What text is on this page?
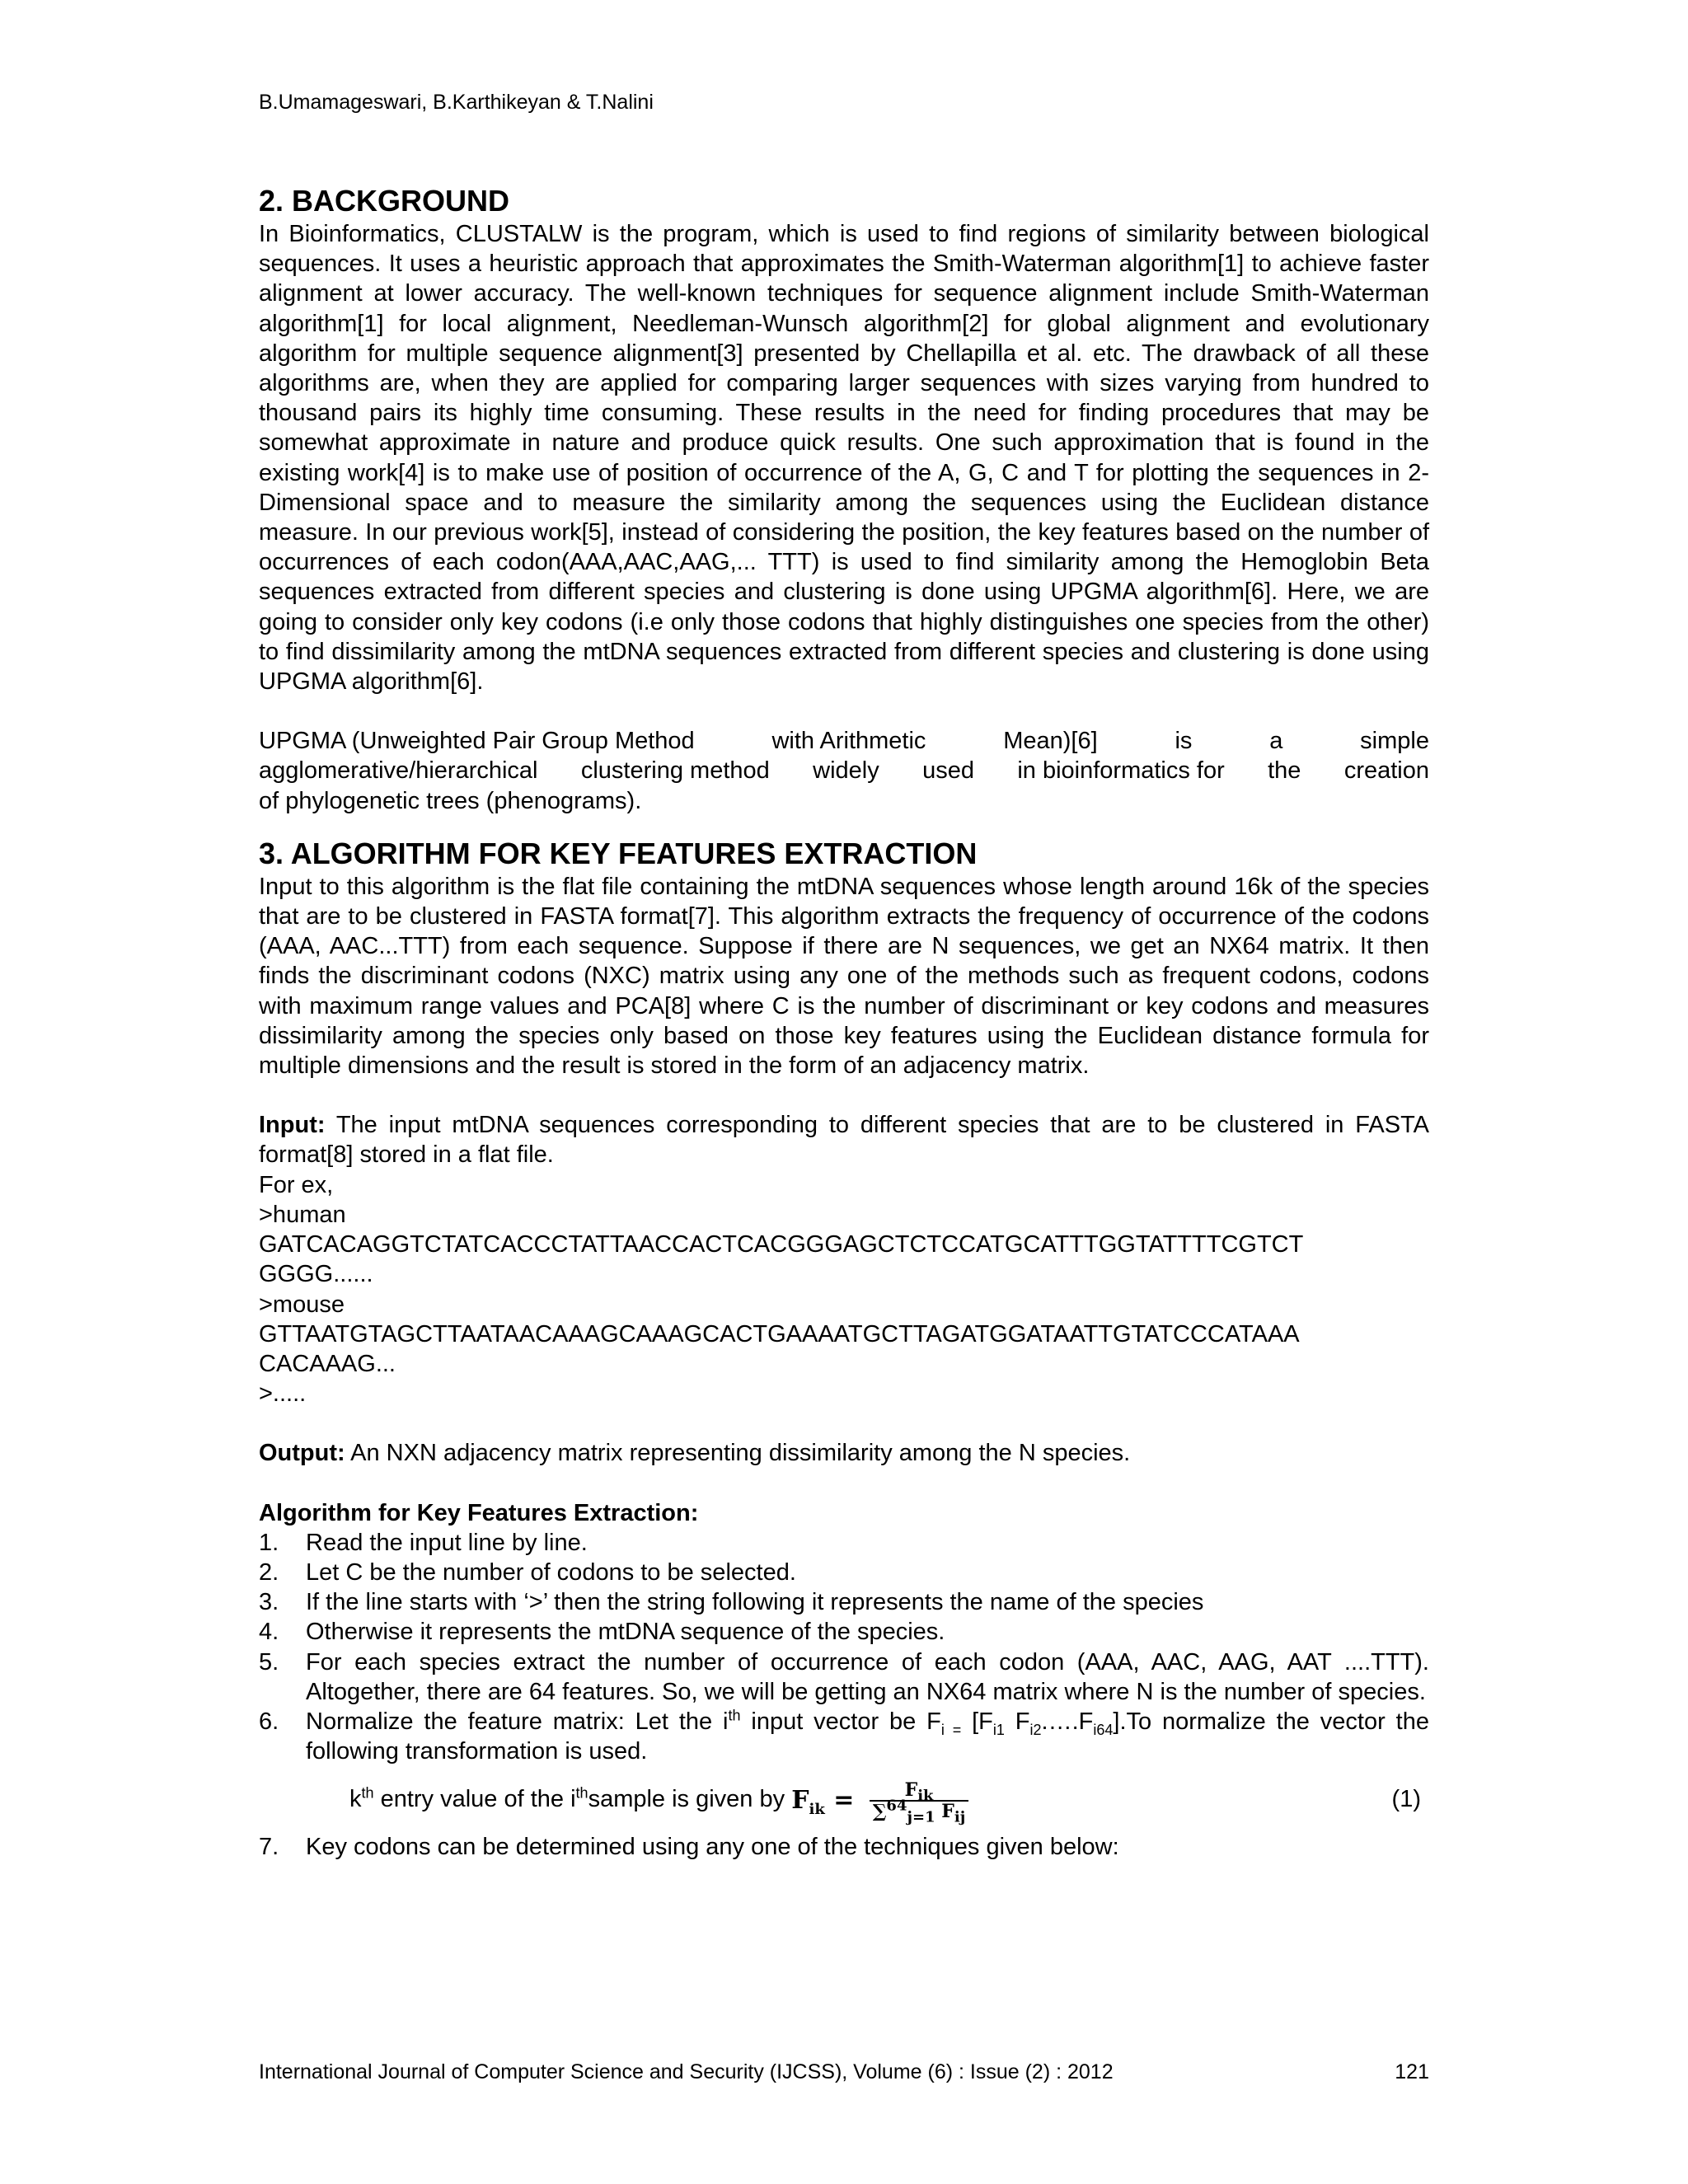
B.Umamageswari, B.Karthikeyan & T.Nalini
2. BACKGROUND

In Bioinformatics, CLUSTALW is the program, which is used to find regions of similarity between biological sequences. It uses a heuristic approach that approximates the Smith-Waterman algorithm[1] to achieve faster alignment at lower accuracy. The well-known techniques for sequence alignment include Smith-Waterman algorithm[1] for local alignment, Needleman-Wunsch algorithm[2] for global alignment and evolutionary algorithm for multiple sequence alignment[3] presented by Chellapilla et al. etc. The drawback of all these algorithms are, when they are applied for comparing larger sequences with sizes varying from hundred to thousand pairs its highly time consuming. These results in the need for finding procedures that may be somewhat approximate in nature and produce quick results. One such approximation that is found in the existing work[4] is to make use of position of occurrence of the A, G, C and T for plotting the sequences in 2-Dimensional space and to measure the similarity among the sequences using the Euclidean distance measure. In our previous work[5], instead of considering the position, the key features based on the number of occurrences of each codon(AAA,AAC,AAG,... TTT) is used to find similarity among the Hemoglobin Beta sequences extracted from different species and clustering is done using UPGMA algorithm[6]. Here, we are going to consider only key codons (i.e only those codons that highly distinguishes one species from the other) to find dissimilarity among the mtDNA sequences extracted from different species and clustering is done using UPGMA algorithm[6].

UPGMA (Unweighted Pair Group Method	with Arithmetic	Mean)[6]	is	a	simple
agglomerative/hierarchical clustering method widely used in bioinformatics for the creation

of phylogenetic trees (phenograms).

3. ALGORITHM FOR KEY FEATURES EXTRACTION

Input to this algorithm is the flat file containing the mtDNA sequences whose length around 16k of the species that are to be clustered in FASTA format[7]. This algorithm extracts the frequency of occurrence of the codons (AAA, AAC...TTT) from each sequence. Suppose if there are N sequences, we get an NX64 matrix. It then finds the discriminant codons (NXC) matrix using any one of the methods such as frequent codons, codons with maximum range values and PCA[8] where C is the number of discriminant or key codons and measures dissimilarity among the species only based on those key features using the Euclidean distance formula for multiple dimensions and the result is stored in the form of an adjacency matrix.

Input: The input mtDNA sequences corresponding to different species that are to be clustered in FASTA format[8] stored in a flat file.

For ex,
>human
GATCACAGGTCTATCACCCTATTAACCACTCACGGGAGCTCTCCATGCATTTGGTATTTTCGTCT
GGGG......
>mouse
GTTAATGTAGCTTAATAACAAAGCAAAGCACTGAAAATGCTTAGATGGATAATTGTATCCCATAAA
CACAAAG...
>.....

Output: An NXN adjacency matrix representing dissimilarity among the N species.

Algorithm for Key Features Extraction:
1. Read the input line by line.
2. Let C be the number of codons to be selected.
3. If the line starts with ‘>’ then the string following it represents the name of the species
4. Otherwise it represents the mtDNA sequence of the species.
5. For each species extract the number of occurrence of each codon (AAA, AAC, AAG, AAT ....TTT). Altogether, there are 64 features. So, we will be getting an NX64 matrix where N is the number of species.
6. Normalize the feature matrix: Let the $i^{th}$ input vector be $F_{i =}$ [$F_{i1}$ $F_{i2}.\dots.F_{i64}].To$ normalize the vector the following transformation is used.
$k^{th}$ entry value of the $i^{th}sample$ is given by $F_{ik} = \frac{F_{ik}}{\sum^{64}_{j=1} F_{ij}}$	(1)
7. Key codons can be determined using any one of the techniques given below:
International Journal of Computer Science and Security (IJCSS), Volume (6) : Issue (2) : 2012	121
